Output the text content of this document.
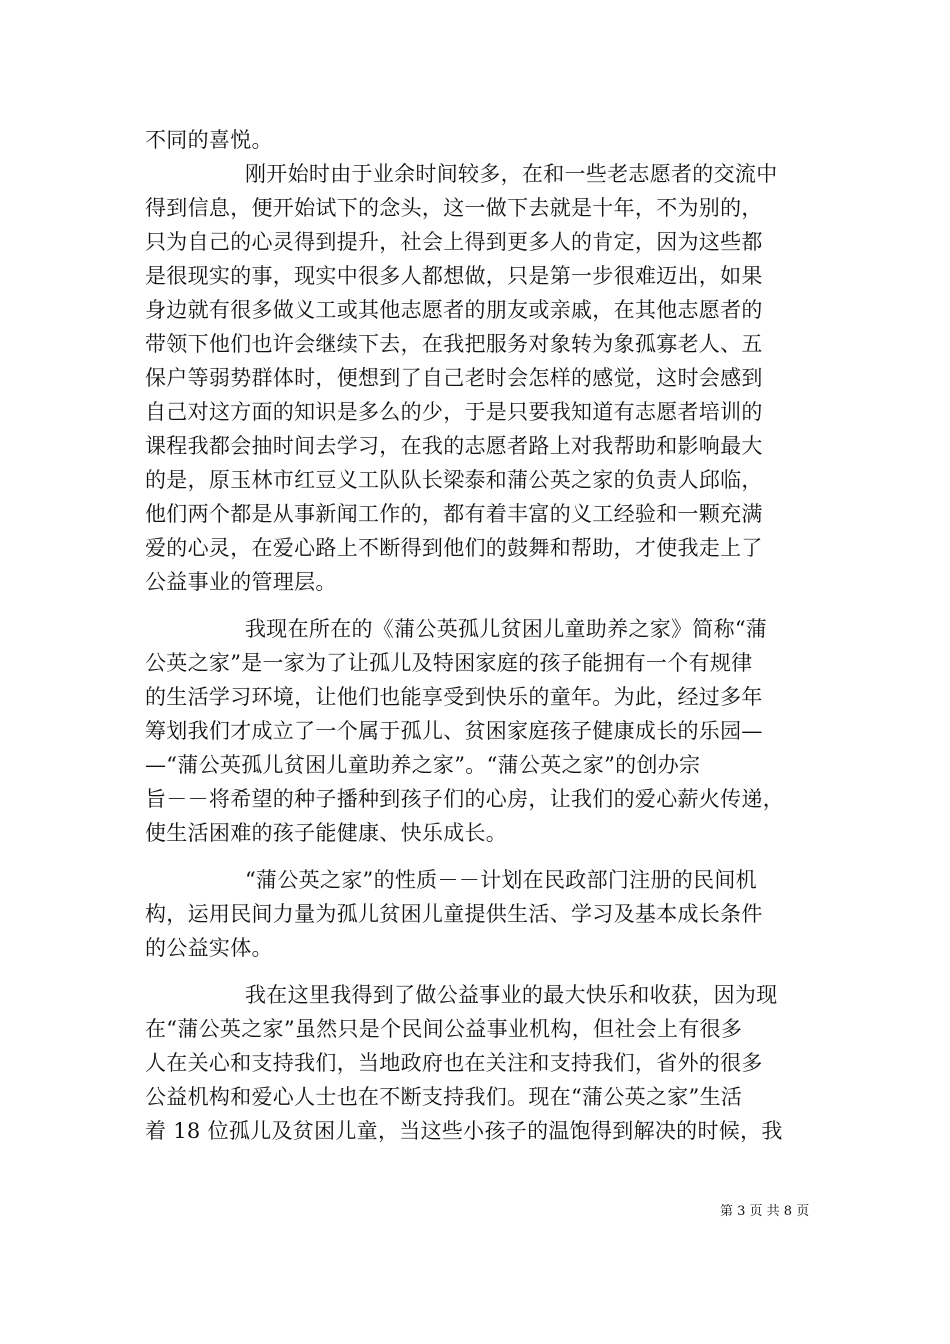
不同的喜悦。
刚开始时由于业余时间较多，在和一些老志愿者的交流中
得到信息，便开始试下的念头，这一做下去就是十年，不为别的，
只为自己的心灵得到提升，社会上得到更多人的肯定，因为这些都
是很现实的事，现实中很多人都想做，只是第一步很难迈出，如果
身边就有很多做义工或其他志愿者的朋友或亲戚，在其他志愿者的
带领下他们也许会继续下去，在我把服务对象转为象孤寡老人、五
保户等弱势群体时，便想到了自己老时会怎样的感觉，这时会感到
自己对这方面的知识是多么的少，于是只要我知道有志愿者培训的
课程我都会抽时间去学习，在我的志愿者路上对我帮助和影响最大
的是，原玉林市红豆义工队队长梁泰和蒲公英之家的负责人邱临，
他们两个都是从事新闻工作的，都有着丰富的义工经验和一颗充满
爱的心灵，在爱心路上不断得到他们的鼓舞和帮助，才使我走上了
公益事业的管理层。
我现在所在的《蒲公英孤儿贫困儿童助养之家》简称“蒲
公英之家”是一家为了让孤儿及特困家庭的孩子能拥有一个有规律
的生活学习环境，让他们也能享受到快乐的童年。为此，经过多年
筹划我们才成立了一个属于孤儿、贫困家庭孩子健康成长的乐园—
—“蒲公英孤儿贫困儿童助养之家”。“蒲公英之家”的创办宗
旨－－将希望的种子播种到孩子们的心房，让我们的爱心薪火传递，
使生活困难的孩子能健康、快乐成长。
“蒲公英之家”的性质－－计划在民政部门注册的民间机
构，运用民间力量为孤儿贫困儿童提供生活、学习及基本成长条件
的公益实体。
我在这里我得到了做公益事业的最大快乐和收获，因为现
在“蒲公英之家”虽然只是个民间公益事业机构，但社会上有很多
人在关心和支持我们，当地政府也在关注和支持我们，省外的很多
公益机构和爱心人士也在不断支持我们。现在“蒲公英之家”生活
着 18 位孤儿及贫困儿童，当这些小孩子的温饱得到解决的时候，我
第 3 页 共 8 页
